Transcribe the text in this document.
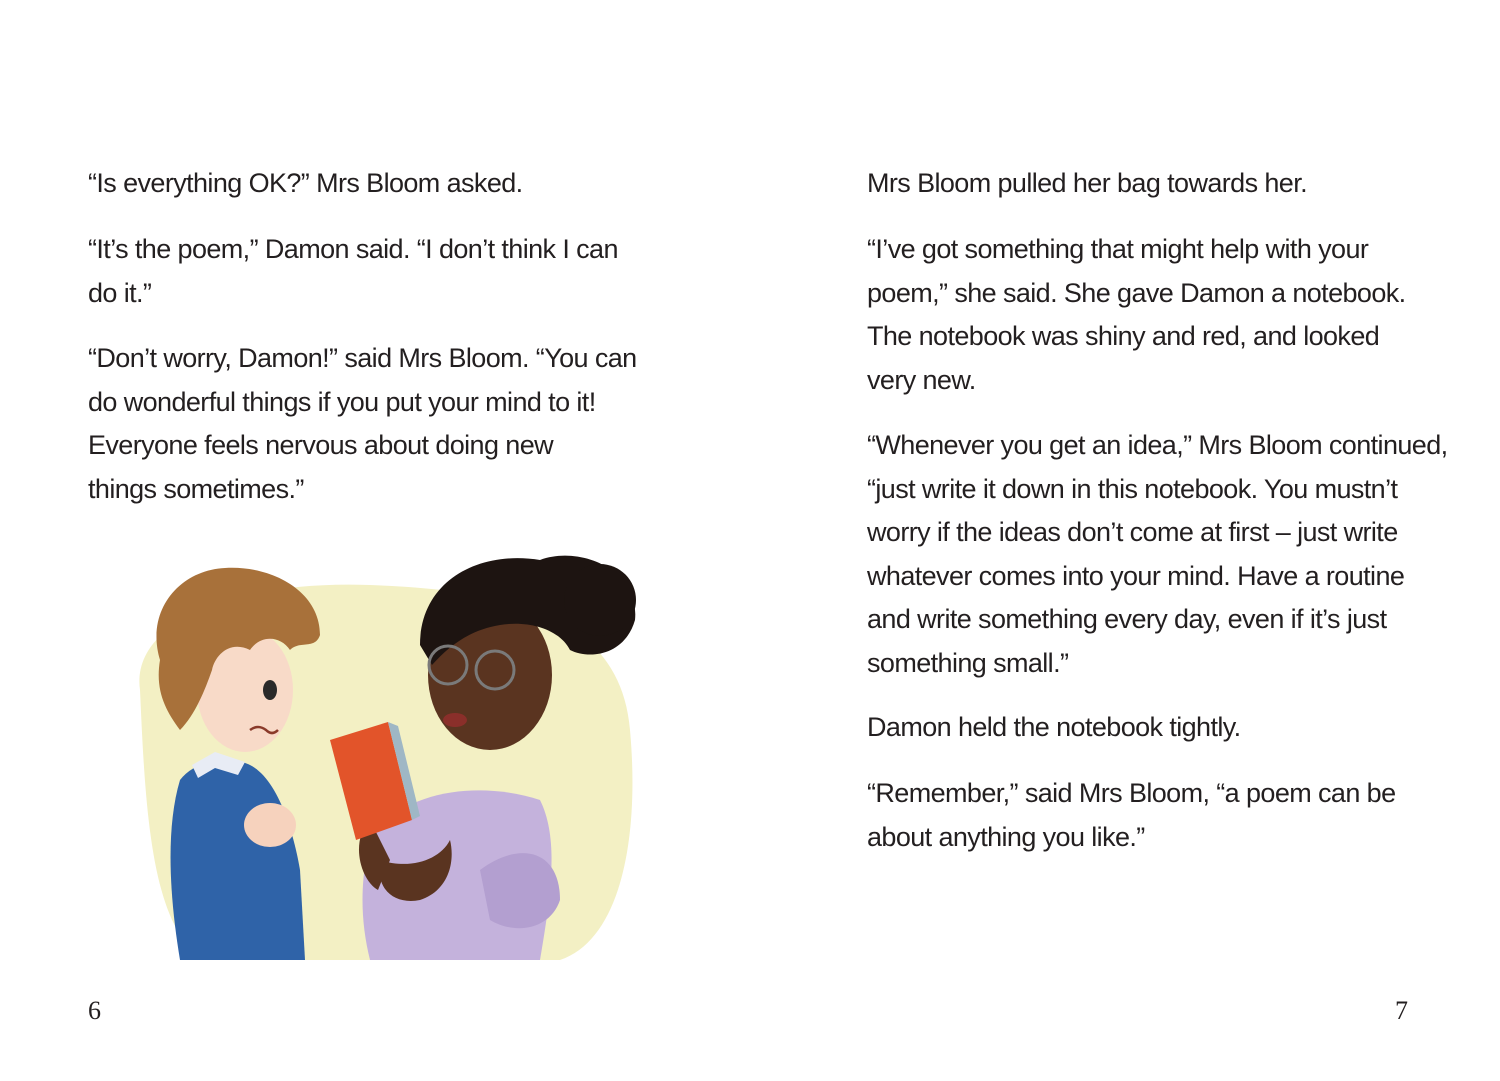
“Is everything OK?” Mrs Bloom asked.

“It’s the poem,” Damon said. “I don’t think I can
do it.”

“Don’t worry, Damon!” said Mrs Bloom. “You can
do wonderful things if you put your mind to it!
Everyone feels nervous about doing new
things sometimes.”

6

Mrs Bloom pulled her bag towards her.

“I’ve got something that might help with your
poem,” she said. She gave Damon a notebook.
The notebook was shiny and red, and looked
very new.

“Whenever you get an idea,” Mrs Bloom continued,
“just write it down in this notebook. You mustn’t
worry if the ideas don’t come at first – just write
whatever comes into your mind. Have a routine
and write something every day, even if it’s just
something small.”

Damon held the notebook tightly.

“Remember,” said Mrs Bloom, “a poem can be
about anything you like.”

7
